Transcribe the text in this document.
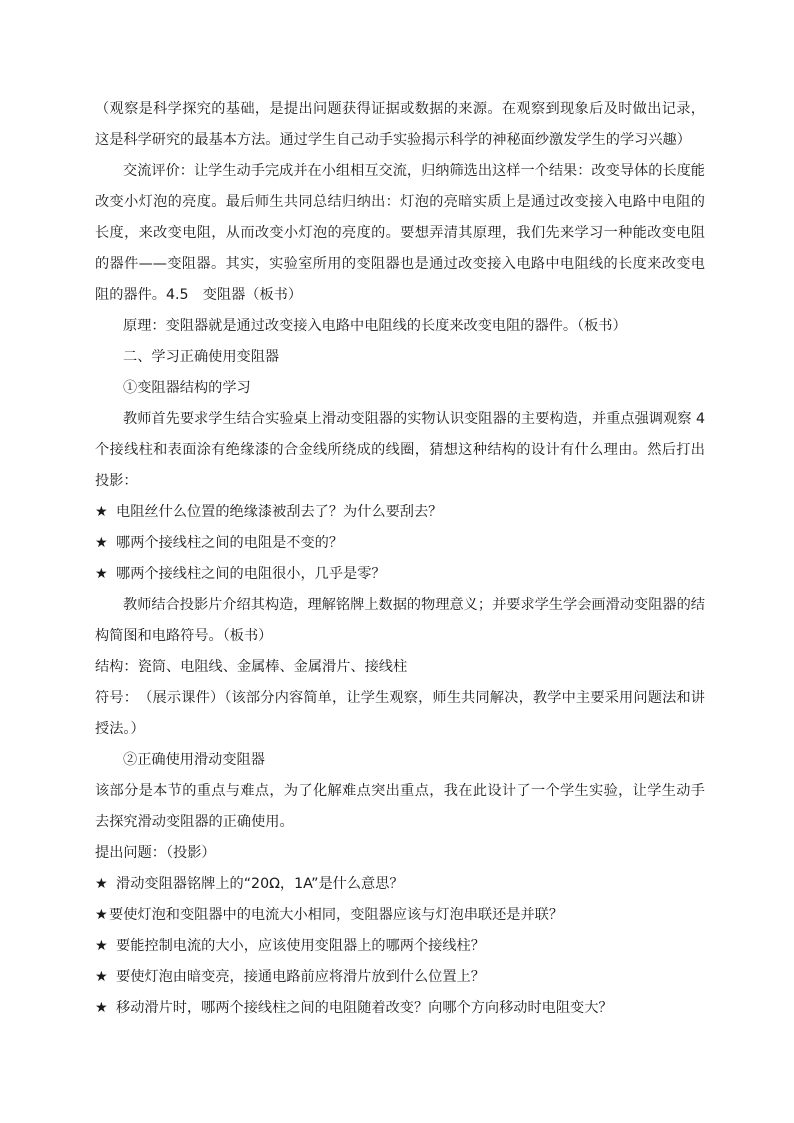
（观察是科学探究的基础，是提出问题获得证据或数据的来源。在观察到现象后及时做出记录，这是科学研究的最基本方法。通过学生自己动手实验揭示科学的神秘面纱激发学生的学习兴趣）

交流评价：让学生动手完成并在小组相互交流，归纳筛选出这样一个结果：改变导体的长度能改变小灯泡的亮度。最后师生共同总结归纳出：灯泡的亮暗实质上是通过改变接入电路中电阻的长度，来改变电阻，从而改变小灯泡的亮度的。要想弄清其原理，我们先来学习一种能改变电阻的器件——变阻器。其实，实验室所用的变阻器也是通过改变接入电路中电阻线的长度来改变电阻的器件。4.5　变阻器（板书）

原理：变阻器就是通过改变接入电路中电阻线的长度来改变电阻的器件。（板书）

二、学习正确使用变阻器

①变阻器结构的学习

教师首先要求学生结合实验桌上滑动变阻器的实物认识变阻器的主要构造，并重点强调观察 4 个接线柱和表面涂有绝缘漆的合金线所绕成的线圈，猜想这种结构的设计有什么理由。然后打出投影：

★ 电阻丝什么位置的绝缘漆被刮去了？为什么要刮去？

★ 哪两个接线柱之间的电阻是不变的？

★ 哪两个接线柱之间的电阻很小，几乎是零？

教师结合投影片介绍其构造，理解铭牌上数据的物理意义；并要求学生学会画滑动变阻器的结构简图和电路符号。（板书）

结构：瓷筒、电阻线、金属棒、金属滑片、接线柱

符号：　（展示课件）（该部分内容简单，让学生观察，师生共同解决，教学中主要采用问题法和讲授法。）

②正确使用滑动变阻器

该部分是本节的重点与难点，为了化解难点突出重点，我在此设计了一个学生实验，让学生动手去探究滑动变阻器的正确使用。

提出问题：（投影）

★ 滑动变阻器铭牌上的“20Ω，1A”是什么意思？

★要使灯泡和变阻器中的电流大小相同，变阻器应该与灯泡串联还是并联？

★ 要能控制电流的大小，应该使用变阻器上的哪两个接线柱？

★ 要使灯泡由暗变亮，接通电路前应将滑片放到什么位置上？

★ 移动滑片时，哪两个接线柱之间的电阻随着改变？向哪个方向移动时电阻变大？
